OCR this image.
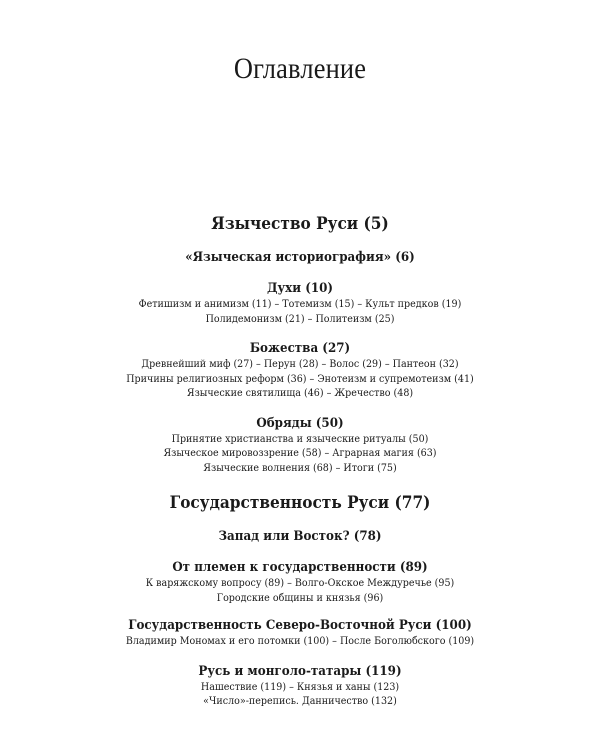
Оглавление
Язычество Руси (5)
«Языческая историография» (6)
Духи (10)
Фетишизм и анимизм (11) – Тотемизм (15) – Культ предков (19)
Полидемонизм (21) – Политеизм (25)
Божества (27)
Древнейший миф (27) – Перун (28) – Волос (29) – Пантеон (32)
Причины религиозных реформ (36) – Энотеизм и супремотеизм (41)
Языческие святилища (46) – Жречество (48)
Обряды (50)
Принятие христианства и языческие ритуалы (50)
Языческое мировоззрение (58) – Аграрная магия (63)
Языческие волнения (68) – Итоги (75)
Государственность Руси (77)
Запад или Восток? (78)
От племен к государственности (89)
К варяжскому вопросу (89) – Волго-Окское Междуречье (95)
Городские общины и князья (96)
Государственность Северо-Восточной Руси (100)
Владимир Мономах и его потомки (100) – После Боголюбского (109)
Русь и монголо-татары (119)
Нашествие (119) – Князья и ханы (123)
«Число»-перепись. Данничество (132)
